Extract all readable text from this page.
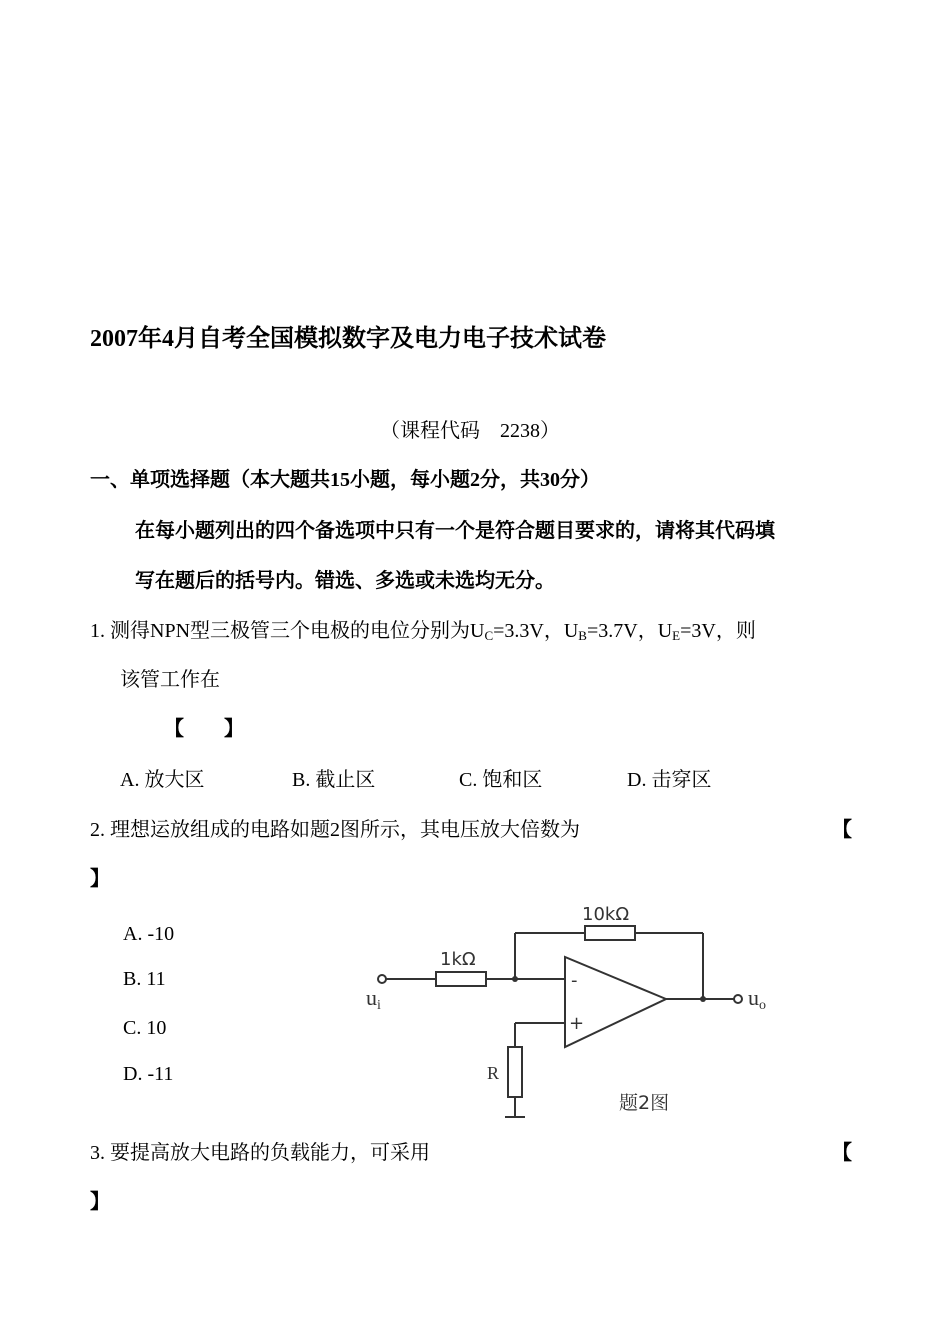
2007年4月自考全国模拟数字及电力电子技术试卷
（课程代码　2238）
一、单项选择题（本大题共15小题，每小题2分，共30分）
在每小题列出的四个备选项中只有一个是符合题目要求的，请将其代码填
写在题后的括号内。错选、多选或未选均无分。
1. 测得NPN型三极管三个电极的电位分别为$U_C=3.3V$，$U_B=3.7V$，$U_E=3V$，则
该管工作在
【　　】
A. 放大区	B. 截止区	C. 饱和区	D. 击穿区
2. 理想运放组成的电路如题2图所示，其电压放大倍数为	【
】
A. -10
B. 11
C. 10
D. -11
10kΩ
1kΩ
-
+
R
ui	uo
题2图
3. 要提高放大电路的负载能力，可采用	【
】
